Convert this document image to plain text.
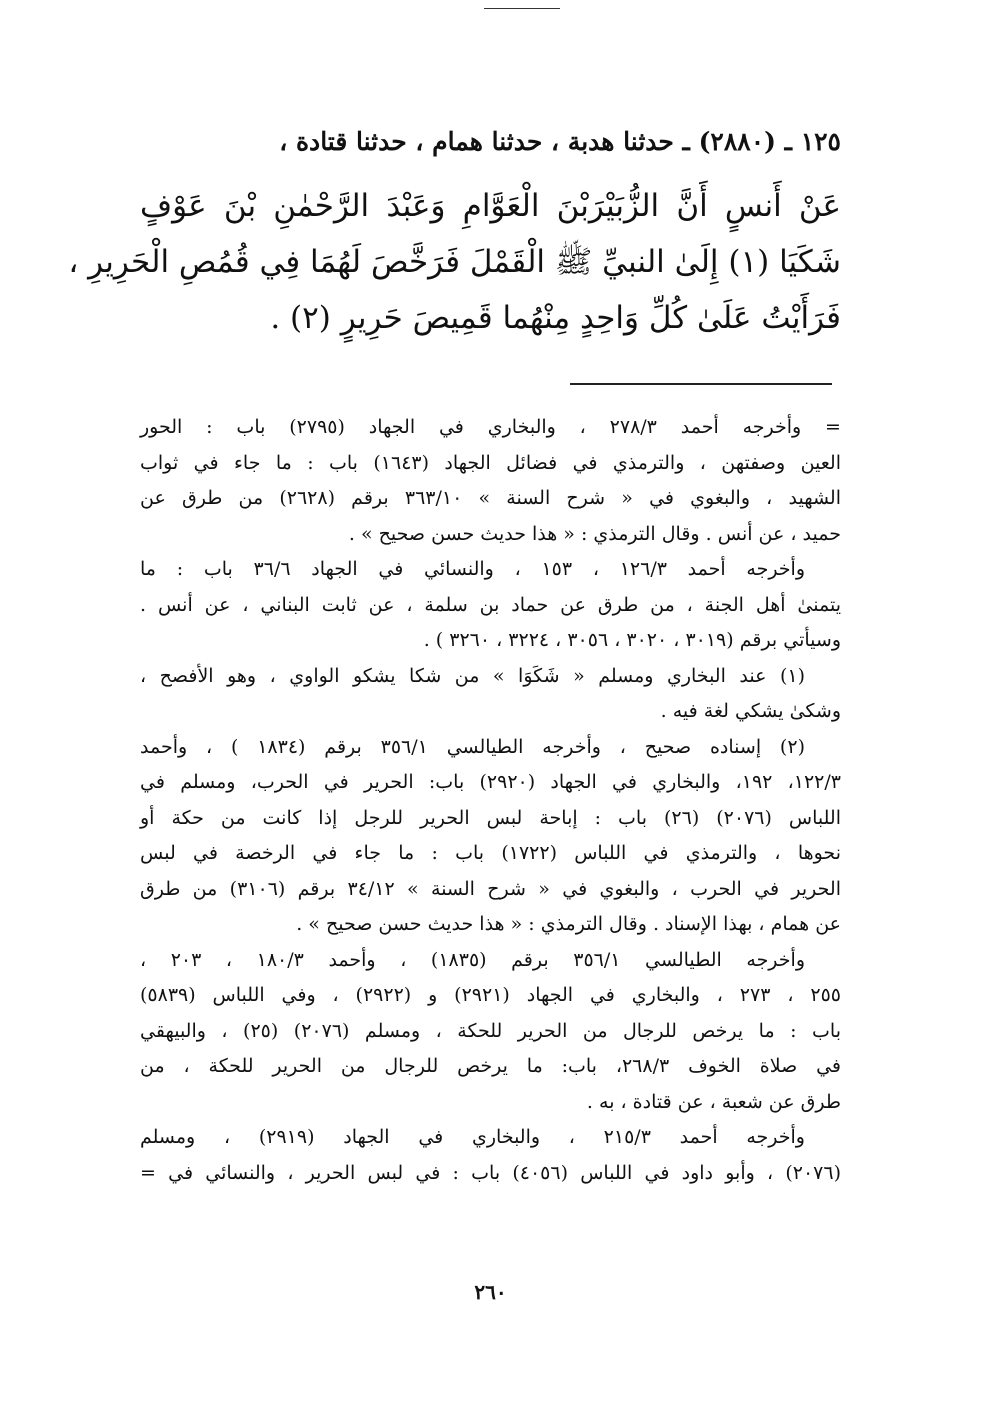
١٢٥ ـ (٢٨٨٠) ـ حدثنا هدبة ، حدثنا همام ، حدثنا قتادة ،

عَنْ أَنسٍ أَنَّ الزُّبَيْرَبْنَ الْعَوَّامِ وَعَبْدَ الرَّحْمٰنِ بْنَ عَوْفٍ

شَكَيَا (١) إِلَىٰ النبيِّ ﷺ الْقَمْلَ فَرَخَّصَ لَهُمَا فِي قُمُصِ الْحَرِيرِ ،

فَرَأَيْتُ عَلَىٰ كُلِّ وَاحِدٍ مِنْهُما قَمِيصَ حَرِيرٍ (٢) .

= وأخرجه أحمد ٢٧٨/٣ ، والبخاري في الجهاد (٢٧٩٥) باب : الحور

العين وصفتهن ، والترمذي في فضائل الجهاد (١٦٤٣) باب : ما جاء في ثواب

الشهيد ، والبغوي في « شرح السنة » ٣٦٣/١٠ برقم (٢٦٢٨) من طرق عن

حميد ، عن أنس . وقال الترمذي : « هذا حديث حسن صحيح » .

وأخرجه أحمد ١٢٦/٣ ، ١٥٣ ، والنسائي في الجهاد ٣٦/٦ باب : ما

يتمنىٰ أهل الجنة ، من طرق عن حماد بن سلمة ، عن ثابت البناني ، عن أنس .

وسيأتي برقم (٣٠١٩ ، ٣٠٢٠ ، ٣٠٥٦ ، ٣٢٢٤ ، ٣٢٦٠ ) .

(١) عند البخاري ومسلم « شَكَوَا » من شكا يشكو الواوي ، وهو الأفصح ،

وشكىٰ يشكي لغة فيه .

(٢) إسناده صحيح ، وأخرجه الطيالسي ٣٥٦/١ برقم (١٨٣٤ ) ، وأحمد

١٢٢/٣، ١٩٢، والبخاري في الجهاد (٢٩٢٠) باب: الحرير في الحرب، ومسلم في

اللباس (٢٠٧٦) (٢٦) باب : إباحة لبس الحرير للرجل إذا كانت من حكة أو

نحوها ، والترمذي في اللباس (١٧٢٢) باب : ما جاء في الرخصة في لبس

الحرير في الحرب ، والبغوي في « شرح السنة » ٣٤/١٢ برقم (٣١٠٦) من طرق

عن همام ، بهذا الإسناد . وقال الترمذي : « هذا حديث حسن صحيح » .

وأخرجه الطيالسي ٣٥٦/١ برقم (١٨٣٥) ، وأحمد ١٨٠/٣ ، ٢٠٣ ،

٢٥٥ ، ٢٧٣ ، والبخاري في الجهاد (٢٩٢١) و (٢٩٢٢) ، وفي اللباس (٥٨٣٩)

باب : ما يرخص للرجال من الحرير للحكة ، ومسلم (٢٠٧٦) (٢٥) ، والبيهقي

في صلاة الخوف ٢٦٨/٣، باب: ما يرخص للرجال من الحرير للحكة ، من

طرق عن شعبة ، عن قتادة ، به .

وأخرجه أحمد ٢١٥/٣ ، والبخاري في الجهاد (٢٩١٩) ، ومسلم

(٢٠٧٦) ، وأبو داود في اللباس (٤٠٥٦) باب : في لبس الحرير ، والنسائي في =

٢٦٠
